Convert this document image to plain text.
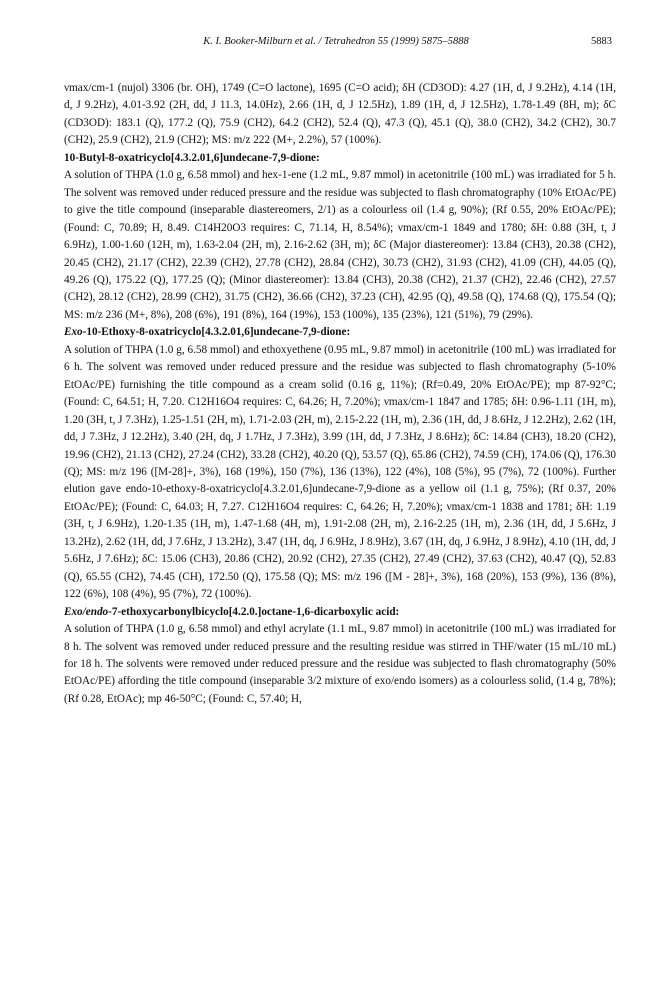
K. I. Booker-Milburn et al. / Tetrahedron 55 (1999) 5875–5888	5883

νmax/cm-1 (nujol) 3306 (br. OH), 1749 (C=O lactone), 1695 (C=O acid); δH (CD3OD): 4.27 (1H, d, J 9.2Hz), 4.14 (1H, d, J 9.2Hz), 4.01-3.92 (2H, dd, J 11.3, 14.0Hz), 2.66 (1H, d, J 12.5Hz), 1.89 (1H, d, J 12.5Hz), 1.78-1.49 (8H, m); δC (CD3OD): 183.1 (Q), 177.2 (Q), 75.9 (CH2), 64.2 (CH2), 52.4 (Q), 47.3 (Q), 45.1 (Q), 38.0 (CH2), 34.2 (CH2), 30.7 (CH2), 25.9 (CH2), 21.9 (CH2); MS: m/z 222 (M+, 2.2%), 57 (100%).

10-Butyl-8-oxatricyclo[4.3.2.01,6]undecane-7,9-dione:

A solution of THPA (1.0 g, 6.58 mmol) and hex-1-ene (1.2 mL, 9.87 mmol) in acetonitrile (100 mL) was irradiated for 5 h. The solvent was removed under reduced pressure and the residue was subjected to flash chromatography (10% EtOAc/PE) to give the title compound (inseparable diastereomers, 2/1) as a colourless oil (1.4 g, 90%); (Rf 0.55, 20% EtOAc/PE); (Found: C, 70.89; H, 8.49. C14H20O3 requires: C, 71.14, H, 8.54%); νmax/cm-1 1849 and 1780; δH: 0.88 (3H, t, J 6.9Hz), 1.00-1.60 (12H, m), 1.63-2.04 (2H, m), 2.16-2.62 (3H, m); δC (Major diastereomer): 13.84 (CH3), 20.38 (CH2), 20.45 (CH2), 21.17 (CH2), 22.39 (CH2), 27.78 (CH2), 28.84 (CH2), 30.73 (CH2), 31.93 (CH2), 41.09 (CH), 44.05 (Q), 49.26 (Q), 175.22 (Q), 177.25 (Q); (Minor diastereomer): 13.84 (CH3), 20.38 (CH2), 21.37 (CH2), 22.46 (CH2), 27.57 (CH2), 28.12 (CH2), 28.99 (CH2), 31.75 (CH2), 36.66 (CH2), 37.23 (CH), 42.95 (Q), 49.58 (Q), 174.68 (Q), 175.54 (Q); MS: m/z 236 (M+, 8%), 208 (6%), 191 (8%), 164 (19%), 153 (100%), 135 (23%), 121 (51%), 79 (29%).

Exo-10-Ethoxy-8-oxatricyclo[4.3.2.01,6]undecane-7,9-dione:

A solution of THPA (1.0 g, 6.58 mmol) and ethoxyethene (0.95 mL, 9.87 mmol) in acetonitrile (100 mL) was irradiated for 6 h. The solvent was removed under reduced pressure and the residue was subjected to flash chromatography (5-10% EtOAc/PE) furnishing the title compound as a cream solid (0.16 g, 11%); (Rf=0.49, 20% EtOAc/PE); mp 87-92°C; (Found: C, 64.51; H, 7.20. C12H16O4 requires: C, 64.26; H, 7.20%); νmax/cm-1 1847 and 1785; δH: 0.96-1.11 (1H, m), 1.20 (3H, t, J 7.3Hz), 1.25-1.51 (2H, m), 1.71-2.03 (2H, m), 2.15-2.22 (1H, m), 2.36 (1H, dd, J 8.6Hz, J 12.2Hz), 2.62 (1H, dd, J 7.3Hz, J 12.2Hz), 3.40 (2H, dq, J 1.7Hz, J 7.3Hz), 3.99 (1H, dd, J 7.3Hz, J 8.6Hz); δC: 14.84 (CH3), 18.20 (CH2), 19.96 (CH2), 21.13 (CH2), 27.24 (CH2), 33.28 (CH2), 40.20 (Q), 53.57 (Q), 65.86 (CH2), 74.59 (CH), 174.06 (Q), 176.30 (Q); MS: m/z 196 ([M-28]+, 3%), 168 (19%), 150 (7%), 136 (13%), 122 (4%), 108 (5%), 95 (7%), 72 (100%). Further elution gave endo-10-ethoxy-8-oxatricyclo[4.3.2.01,6]undecane-7,9-dione as a yellow oil (1.1 g, 75%); (Rf 0.37, 20% EtOAc/PE); (Found: C, 64.03; H, 7.27. C12H16O4 requires: C, 64.26; H, 7.20%); νmax/cm-1 1838 and 1781; δH: 1.19 (3H, t, J 6.9Hz), 1.20-1.35 (1H, m), 1.47-1.68 (4H, m), 1.91-2.08 (2H, m), 2.16-2.25 (1H, m), 2.36 (1H, dd, J 5.6Hz, J 13.2Hz), 2.62 (1H, dd, J 7.6Hz, J 13.2Hz), 3.47 (1H, dq, J 6.9Hz, J 8.9Hz), 3.67 (1H, dq, J 6.9Hz, J 8.9Hz), 4.10 (1H, dd, J 5.6Hz, J 7.6Hz); δC: 15.06 (CH3), 20.86 (CH2), 20.92 (CH2), 27.35 (CH2), 27.49 (CH2), 37.63 (CH2), 40.47 (Q), 52.83 (Q), 65.55 (CH2), 74.45 (CH), 172.50 (Q), 175.58 (Q); MS: m/z 196 ([M - 28]+, 3%), 168 (20%), 153 (9%), 136 (8%), 122 (6%), 108 (4%), 95 (7%), 72 (100%).

Exo/endo-7-ethoxycarbonylbicyclo[4.2.0.]octane-1,6-dicarboxylic acid:

A solution of THPA (1.0 g, 6.58 mmol) and ethyl acrylate (1.1 mL, 9.87 mmol) in acetonitrile (100 mL) was irradiated for 8 h. The solvent was removed under reduced pressure and the resulting residue was stirred in THF/water (15 mL/10 mL) for 18 h. The solvents were removed under reduced pressure and the residue was subjected to flash chromatography (50% EtOAc/PE) affording the title compound (inseparable 3/2 mixture of exo/endo isomers) as a colourless solid, (1.4 g, 78%); (Rf 0.28, EtOAc); mp 46-50°C; (Found: C, 57.40; H,
